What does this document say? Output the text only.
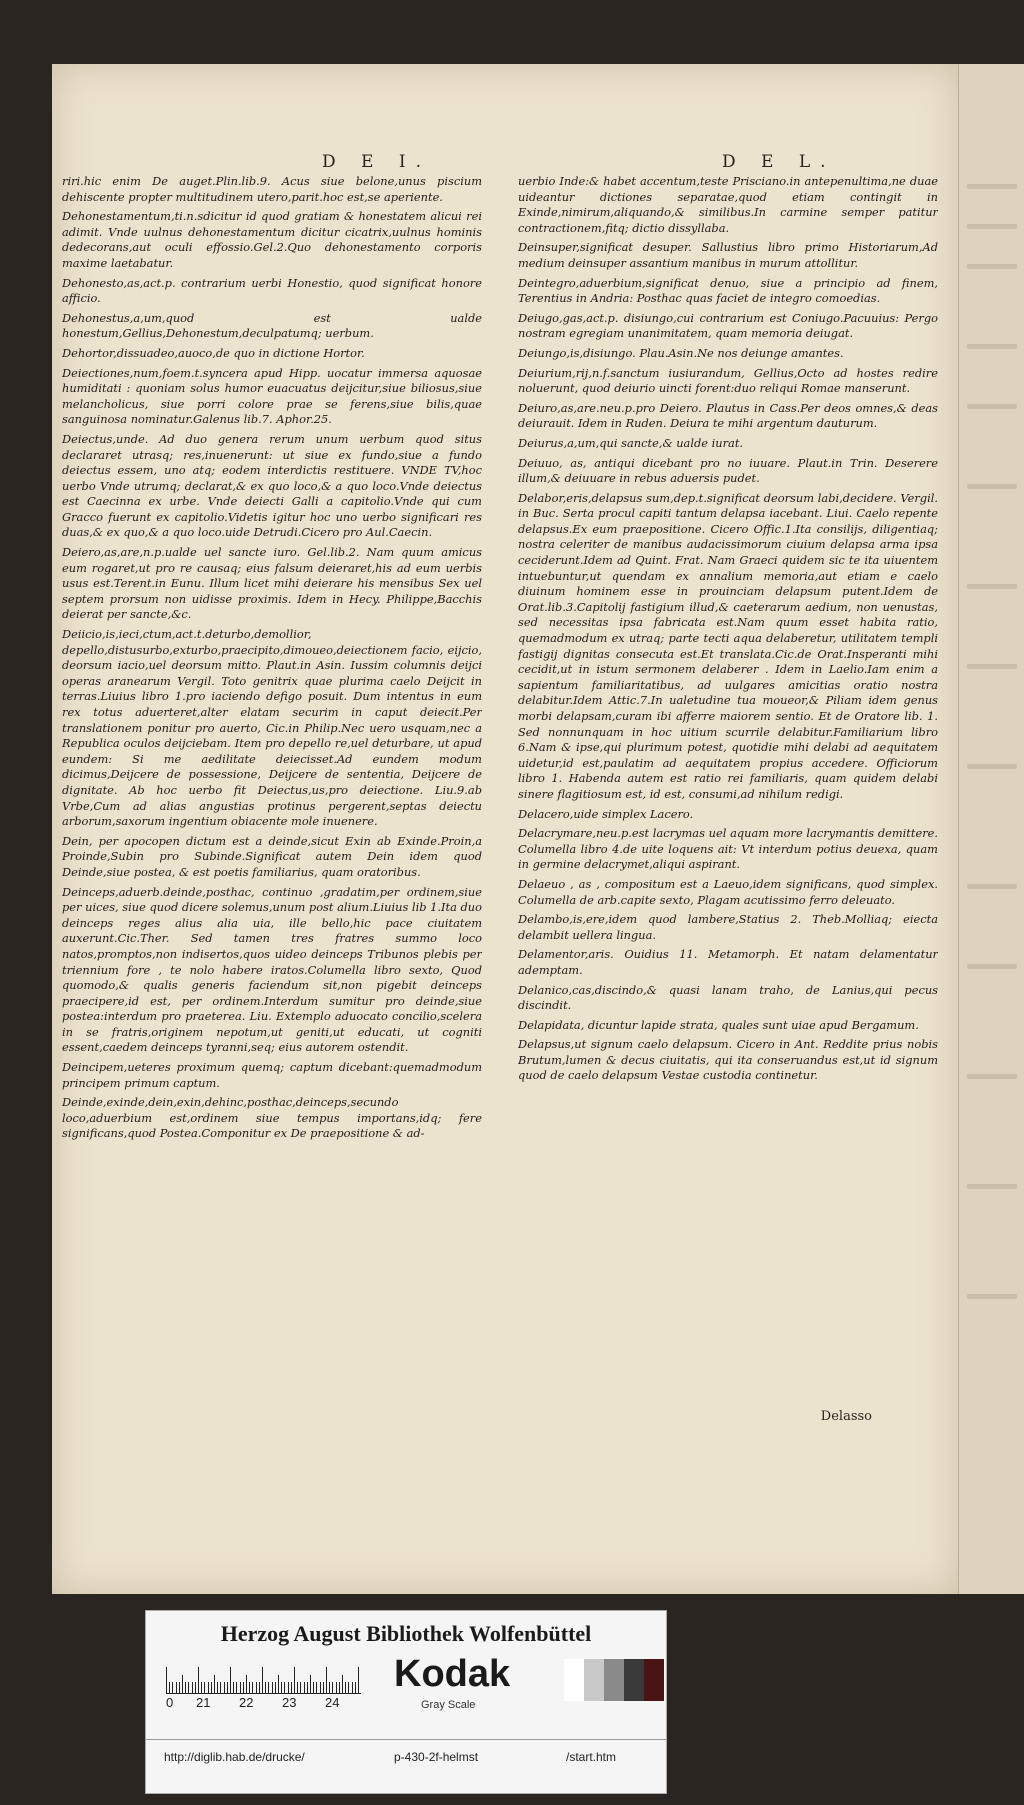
D E I.	D E L.

riri.hic enim De auget.Plin.lib.9. Acus siue belone,unus piscium dehiscente propter multitudinem utero,parit.hoc est,se aperiente.

Dehonestamentum,ti.n.sdicitur id quod gratiam & honestatem alicui rei adimit. Vnde uulnus dehonestamentum dicitur cicatrix,uulnus hominis dedecorans,aut oculi effossio.Gel.2.Quo dehonestamento corporis maxime laetabatur.

Dehonesto,as,act.p. contrarium uerbi Honestio, quod significat honore afficio.

Dehonestus,a,um,quod est ualde honestum,Gellius,Dehonestum,deculpatumq; uerbum.

Dehortor,dissuadeo,auoco,de quo in dictione Hortor.

Deiectiones,num,foem.t.syncera apud Hipp. uocatur immersa aquosae humiditati : quoniam solus humor euacuatus deijcitur,siue biliosus,siue melancholicus, siue porri colore prae se ferens,siue bilis,quae sanguinosa nominatur.Galenus lib.7. Aphor.25.

Deiectus,unde. Ad duo genera rerum unum uerbum quod situs declararet utrasq; res,inuenerunt: ut siue ex fundo,siue a fundo deiectus essem, uno atq; eodem interdictis restituere. VNDE TV,hoc uerbo Vnde utrumq; declarat,& ex quo loco,& a quo loco.Vnde deiectus est Caecinna ex urbe. Vnde deiecti Galli a capitolio.Vnde qui cum Gracco fuerunt ex capitolio.Videtis igitur hoc uno uerbo significari res duas,& ex quo,& a quo loco.uide Detrudi.Cicero pro Aul.Caecin.

Deiero,as,are,n.p.ualde uel sancte iuro. Gel.lib.2. Nam quum amicus eum rogaret,ut pro re causaq; eius falsum deieraret,his ad eum uerbis usus est.Terent.in Eunu. Illum licet mihi deierare his mensibus Sex uel septem prorsum non uidisse proximis. Idem in Hecy. Philippe,Bacchis deierat per sancte,&c.

Deiicio,is,ieci,ctum,act.t.deturbo,demollior, depello,distusurbo,exturbo,praecipito,dimoueo,deiectionem facio, eijcio, deorsum iacio,uel deorsum mitto. Plaut.in Asin. Iussim columnis deijci operas aranearum Vergil. Toto genitrix quae plurima caelo Deijcit in terras.Liuius libro 1.pro iaciendo defigo posuit. Dum intentus in eum rex totus aduerteret,alter elatam securim in caput deiecit.Per translationem ponitur pro auerto, Cic.in Philip.Nec uero usquam,nec a Republica oculos deijciebam. Item pro depello re,uel deturbare, ut apud eundem: Si me aedilitate deiecisset.Ad eundem modum dicimus,Deijcere de possessione, Deijcere de sententia, Deijcere de dignitate. Ab hoc uerbo fit Deiectus,us,pro deiectione. Liu.9.ab Vrbe,Cum ad alias angustias protinus pergerent,septas deiectu arborum,saxorum ingentium obiacente mole inuenere.

Dein, per apocopen dictum est a deinde,sicut Exin ab Exinde.Proin,a Proinde,Subin pro Subinde.Significat autem Dein idem quod Deinde,siue postea, & est poetis familiarius, quam oratoribus.

Deinceps,aduerb.deinde,posthac, continuo ,gradatim,per ordinem,siue per uices, siue quod dicere solemus,unum post alium.Liuius lib 1.Ita duo deinceps reges alius alia uia, ille bello,hic pace ciuitatem auxerunt.Cic.Ther. Sed tamen tres fratres summo loco natos,promptos,non indisertos,quos uideo deinceps Tribunos plebis per triennium fore , te nolo habere iratos.Columella libro sexto, Quod quomodo,& qualis generis faciendum sit,non pigebit deinceps praecipere,id est, per ordinem.Interdum sumitur pro deinde,siue postea:interdum pro praeterea. Liu. Extemplo aduocato concilio,scelera in se fratris,originem nepotum,ut geniti,ut educati, ut cogniti essent,caedem deinceps tyranni,seq; eius autorem ostendit.

Deincipem,ueteres proximum quemq; captum dicebant:quemadmodum principem primum captum.

Deinde,exinde,dein,exin,dehinc,posthac,deinceps,secundo loco,aduerbium est,ordinem siue tempus importans,idq; fere significans,quod Postea.Componitur ex De praepositione & ad-

uerbio Inde:& habet accentum,teste Prisciano.in antepenultima,ne duae uideantur dictiones separatae,quod etiam contingit in Exinde,nimirum,aliquando,& similibus.In carmine semper patitur contractionem,fitq; dictio dissyllaba.

Deinsuper,significat desuper. Sallustius libro primo Historiarum,Ad medium deinsuper assantium manibus in murum attollitur.

Deintegro,aduerbium,significat denuo, siue a principio ad finem, Terentius in Andria: Posthac quas faciet de integro comoedias.

Deiugo,gas,act.p. disiungo,cui contrarium est Coniugo.Pacuuius: Pergo nostram egregiam unanimitatem, quam memoria deiugat.

Deiungo,is,disiungo. Plau.Asin.Ne nos deiunge amantes.

Deiurium,rij,n.f.sanctum iusiurandum, Gellius,Octo ad hostes redire noluerunt, quod deiurio uincti forent:duo reliqui Romae manserunt.

Deiuro,as,are.neu.p.pro Deiero. Plautus in Cass.Per deos omnes,& deas deiurauit. Idem in Ruden. Deiura te mihi argentum dauturum.

Deiurus,a,um,qui sancte,& ualde iurat.

Deiuuo, as, antiqui dicebant pro no iuuare. Plaut.in Trin. Deserere illum,& deiuuare in rebus aduersis pudet.

Delabor,eris,delapsus sum,dep.t.significat deorsum labi,decidere. Vergil. in Buc. Serta procul capiti tantum delapsa iacebant. Liui. Caelo repente delapsus.Ex eum praepositione. Cicero Offic.1.Ita consilijs, diligentiaq; nostra celeriter de manibus audacissimorum ciuium delapsa arma ipsa ceciderunt.Idem ad Quint. Frat. Nam Graeci quidem sic te ita uiuentem intuebuntur,ut quendam ex annalium memoria,aut etiam e caelo diuinum hominem esse in prouinciam delapsum putent.Idem de Orat.lib.3.Capitolij fastigium illud,& caeterarum aedium, non uenustas, sed necessitas ipsa fabricata est.Nam quum esset habita ratio, quemadmodum ex utraq; parte tecti aqua delaberetur, utilitatem templi fastigij dignitas consecuta est.Et translata.Cic.de Orat.Insperanti mihi cecidit,ut in istum sermonem delaberer . Idem in Laelio.Iam enim a sapientum familiaritatibus, ad uulgares amicitias oratio nostra delabitur.Idem Attic.7.In ualetudine tua moueor,& Piliam idem genus morbi delapsam,curam ibi afferre maiorem sentio. Et de Oratore lib. 1. Sed nonnunquam in hoc uitium scurrile delabitur.Familiarium libro 6.Nam & ipse,qui plurimum potest, quotidie mihi delabi ad aequitatem uidetur,id est,paulatim ad aequitatem propius accedere. Officiorum libro 1. Habenda autem est ratio rei familiaris, quam quidem delabi sinere flagitiosum est, id est, consumi,ad nihilum redigi.

Delacero,uide simplex Lacero.

Delacrymare,neu.p.est lacrymas uel aquam more lacrymantis demittere. Columella libro 4.de uite loquens ait: Vt interdum potius deuexa, quam in germine delacrymet,aliqui aspirant.

Delaeuo , as , compositum est a Laeuo,idem significans, quod simplex. Columella de arb.capite sexto, Plagam acutissimo ferro deleuato.

Delambo,is,ere,idem quod lambere,Statius 2. Theb.Molliaq; eiecta delambit uellera lingua.

Delamentor,aris. Ouidius 11. Metamorph. Et natam delamentatur ademptam.

Delanico,cas,discindo,& quasi lanam traho, de Lanius,qui pecus discindit.

Delapidata, dicuntur lapide strata, quales sunt uiae apud Bergamum.

Delapsus,ut signum caelo delapsum. Cicero in Ant. Reddite prius nobis Brutum,lumen & decus ciuitatis, qui ita conseruandus est,ut id signum quod de caelo delapsum Vestae custodia continetur.

Delasso
Herzog August Bibliothek Wolfenbüttel
0 21 22 23 24
Kodak
Gray Scale
http://diglib.hab.de/drucke/	p-430-2f-helmst	/start.htm
